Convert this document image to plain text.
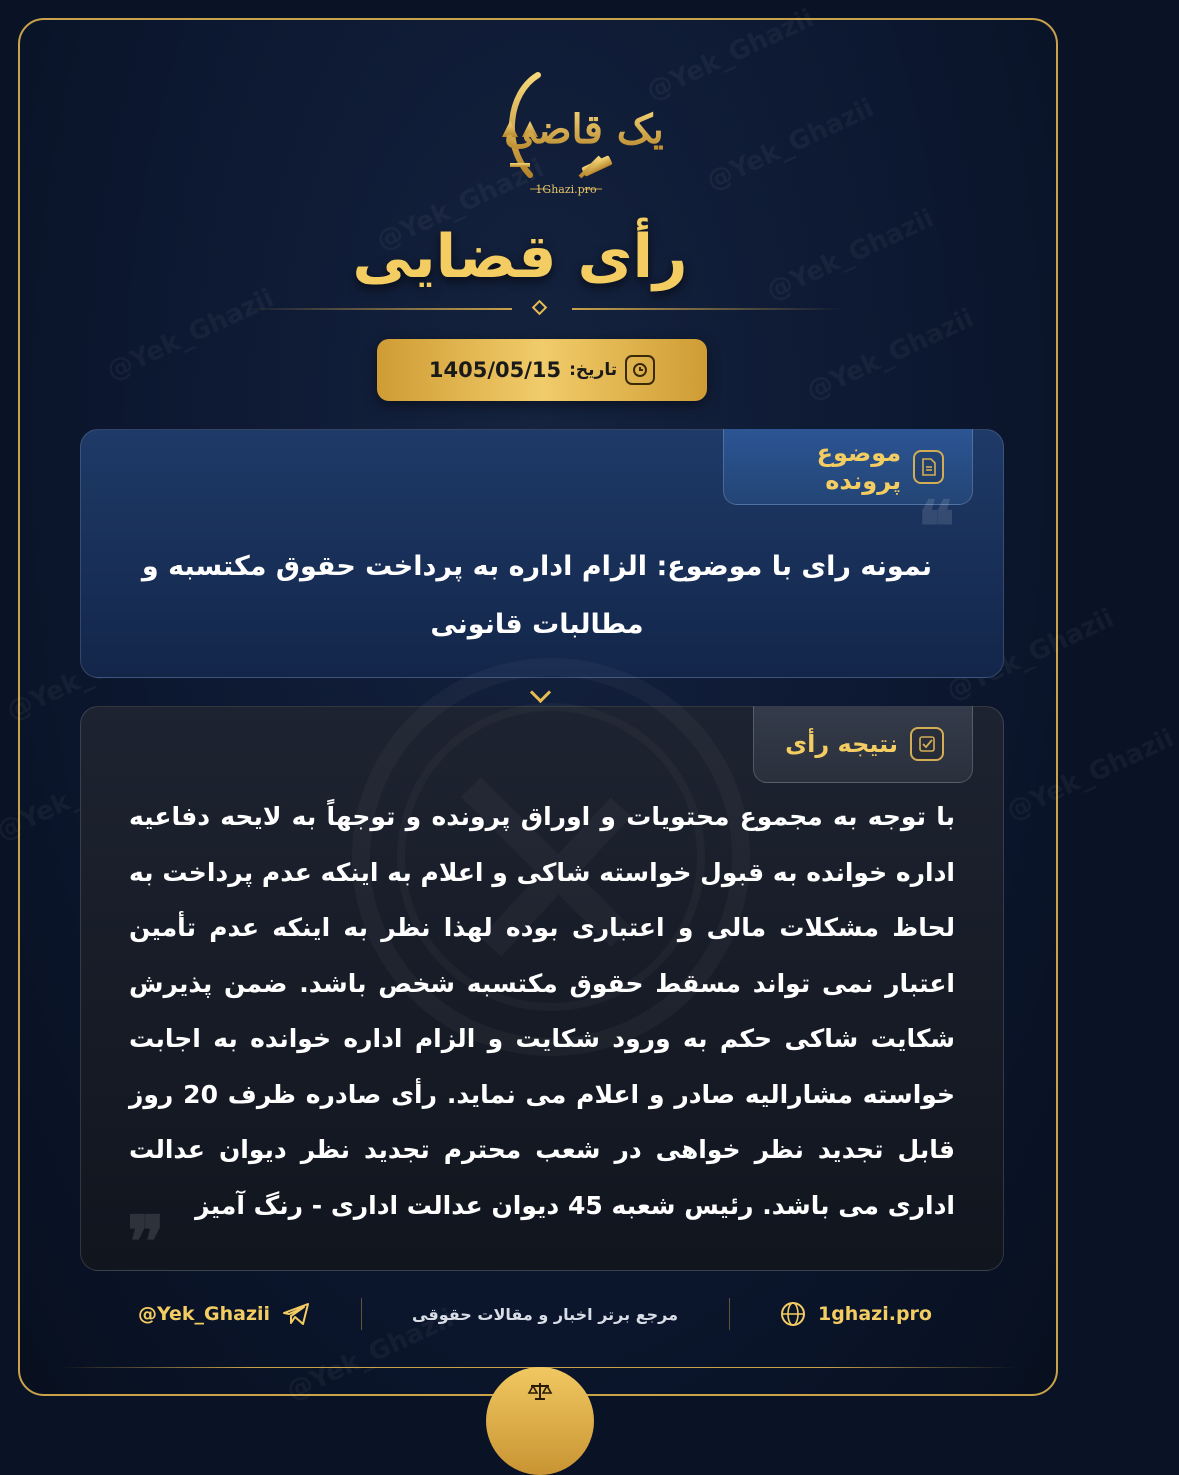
یک قاضی
1Ghazi.pro
رأی قضایی
تاریخ:
1405/05/15
موضوع پرونده
❝
نمونه رای با موضوع: الزام اداره به پرداخت حقوق مکتسبه و مطالبات قانونی
نتیجه رأی
با توجه به مجموع محتویات و اوراق پرونده و توجهاً به لایحه دفاعیه اداره خوانده به قبول خواسته شاکی و اعلام به اینکه عدم پرداخت به لحاظ مشکلات مالی و اعتباری بوده لهذا نظر به اینکه عدم تأمین اعتبار نمی تواند مسقط حقوق مکتسبه شخص باشد. ضمن پذیرش شکایت شاکی حکم به ورود شکایت و الزام اداره خوانده به اجابت خواسته مشارالیه صادر و اعلام می نماید. رأی صادره ظرف 20 روز قابل تجدید نظر خواهی در شعب محترم تجدید نظر دیوان عدالت اداری می باشد. رئیس شعبه 45 دیوان عدالت اداری - رنگ آمیز
❞
@Yek_Ghazii	مرجع برتر اخبار و مقالات حقوقی	1ghazi.pro
